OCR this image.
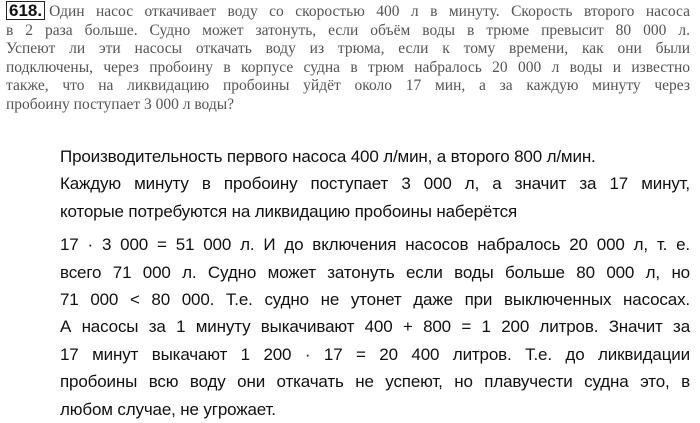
618. Один насос откачивает воду со скоростью 400 л в минуту. Скорость второго насоса
в 2 раза больше. Судно может затонуть, если объём воды в трюме превысит 80 000 л.
Успеют ли эти насосы откачать воду из трюма, если к тому времени, как они были
подключены, через пробоину в корпусе судна в трюм набралось 20 000 л воды и известно
также, что на ликвидацию пробоины уйдёт около 17 мин, а за каждую минуту через
пробоину поступает 3 000 л воды?
Производительность первого насоса 400 л/мин, а второго 800 л/мин.
Каждую минуту в пробоину поступает 3 000 л, а значит за 17 минут,
которые потребуются на ликвидацию пробоины наберётся
17 · 3 000 = 51 000 л. И до включения насосов набралось 20 000 л, т. е.
всего 71 000 л. Судно может затонуть если воды больше 80 000 л, но
71 000 < 80 000. Т.е. судно не утонет даже при выключенных насосах.
А насосы за 1 минуту выкачивают 400 + 800 = 1 200 литров. Значит за
17 минут выкачают 1 200 · 17 = 20 400 литров. Т.е. до ликвидации
пробоины всю воду они откачать не успеют, но плавучести судна это, в
любом случае, не угрожает.
